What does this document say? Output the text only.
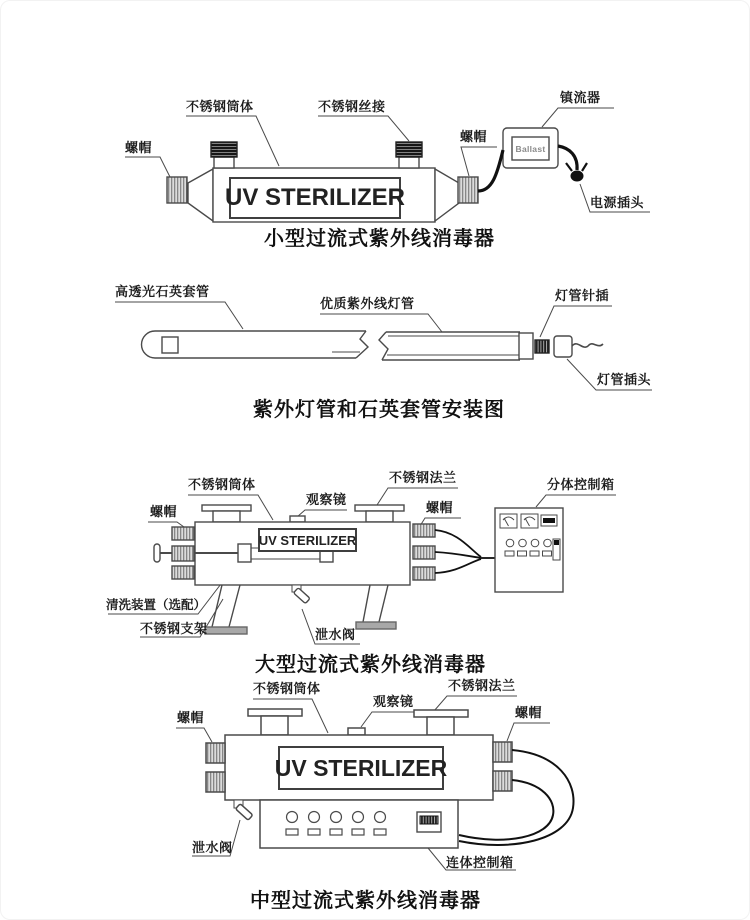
螺帽
不锈钢筒体	不锈钢丝接
螺帽
镇流器
电源插头
UV STERILIZER
Ballast
小型过流式紫外线消毒器
高透光石英套管
优质紫外线灯管
灯管针插
灯管插头
紫外灯管和石英套管安装图
不锈钢筒体
观察镜
不锈钢法兰
螺帽	螺帽
分体控制箱
清洗装置（选配）
不锈钢支架	泄水阀
UV STERILIZER
大型过流式紫外线消毒器
不锈钢筒体
观察镜
不锈钢法兰
螺帽	螺帽
泄水阀
连体控制箱
UV STERILIZER
中型过流式紫外线消毒器
